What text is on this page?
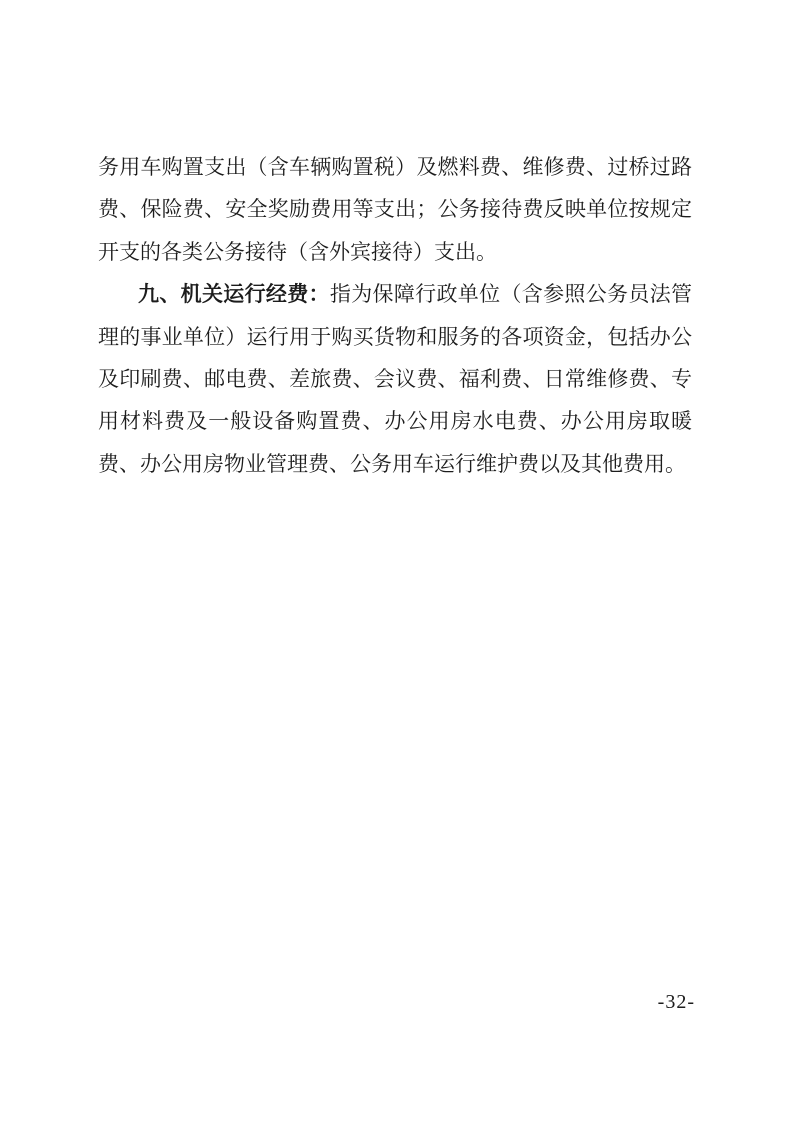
务用车购置支出（含车辆购置税）及燃料费、维修费、过桥过路费、保险费、安全奖励费用等支出；公务接待费反映单位按规定开支的各类公务接待（含外宾接待）支出。

九、机关运行经费：指为保障行政单位（含参照公务员法管理的事业单位）运行用于购买货物和服务的各项资金，包括办公及印刷费、邮电费、差旅费、会议费、福利费、日常维修费、专用材料费及一般设备购置费、办公用房水电费、办公用房取暖费、办公用房物业管理费、公务用车运行维护费以及其他费用。

-32-
